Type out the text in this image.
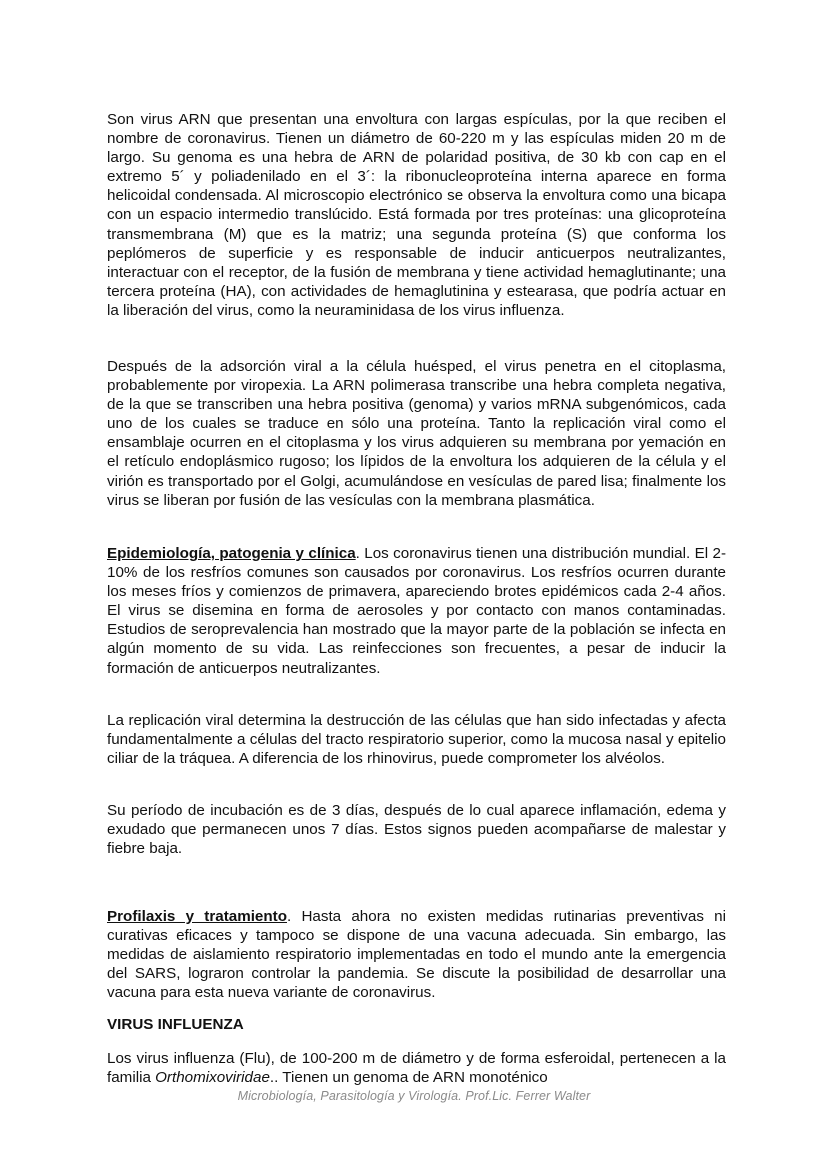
Son virus ARN que presentan una envoltura con largas espículas, por la que reciben el nombre de coronavirus. Tienen un diámetro de 60-220 m y las espículas miden 20 m de largo. Su genoma es una hebra de ARN de polaridad positiva, de 30 kb con cap en el extremo 5´ y poliadenilado en el 3´: la ribonucleoproteína interna aparece en forma helicoidal condensada. Al microscopio electrónico se observa la envoltura como una bicapa con un espacio intermedio translúcido. Está formada por tres proteínas: una glicoproteína transmembrana (M) que es la matriz; una segunda proteína (S) que conforma los peplómeros de superficie y es responsable de inducir anticuerpos neutralizantes, interactuar con el receptor, de la fusión de membrana y tiene actividad hemaglutinante; una tercera proteína (HA), con actividades de hemaglutinina y estearasa, que podría actuar en la liberación del virus, como la neuraminidasa de los virus influenza.

Después de la adsorción viral a la célula huésped, el virus penetra en el citoplasma, probablemente por viropexia. La ARN polimerasa transcribe una hebra completa negativa, de la que se transcriben una hebra positiva (genoma) y varios mRNA subgenómicos, cada uno de los cuales se traduce en sólo una proteína. Tanto la replicación viral como el ensamblaje ocurren en el citoplasma y los virus adquieren su membrana por yemación en el retículo endoplásmico rugoso; los lípidos de la envoltura los adquieren de la célula y el virión es transportado por el Golgi, acumulándose en vesículas de pared lisa; finalmente los virus se liberan por fusión de las vesículas con la membrana plasmática.

Epidemiología, patogenia y clínica. Los coronavirus tienen una distribución mundial. El 2- 10% de los resfríos comunes son causados por coronavirus. Los resfríos ocurren durante los meses fríos y comienzos de primavera, apareciendo brotes epidémicos cada 2-4 años. El virus se disemina en forma de aerosoles y por contacto con manos contaminadas. Estudios de seroprevalencia han mostrado que la mayor parte de la población se infecta en algún momento de su vida. Las reinfecciones son frecuentes, a pesar de inducir la formación de anticuerpos neutralizantes.

La replicación viral determina la destrucción de las células que han sido infectadas y afecta fundamentalmente a células del tracto respiratorio superior, como la mucosa nasal y epitelio ciliar de la tráquea. A diferencia de los rhinovirus, puede comprometer los alvéolos.

Su período de incubación es de 3 días, después de lo cual aparece inflamación, edema y exudado que permanecen unos 7 días. Estos signos pueden acompañarse de malestar y fiebre baja.

Profilaxis y tratamiento. Hasta ahora no existen medidas rutinarias preventivas ni curativas eficaces y tampoco se dispone de una vacuna adecuada. Sin embargo, las medidas de aislamiento respiratorio implementadas en todo el mundo ante la emergencia del SARS, lograron controlar la pandemia. Se discute la posibilidad de desarrollar una vacuna para esta nueva variante de coronavirus.

VIRUS INFLUENZA

Los virus influenza (Flu), de 100-200 m de diámetro y de forma esferoidal, pertenecen a la familia Orthomixoviridae.. Tienen un genoma de ARN monoténico

Microbiología, Parasitología y Virología. Prof.Lic. Ferrer Walter
